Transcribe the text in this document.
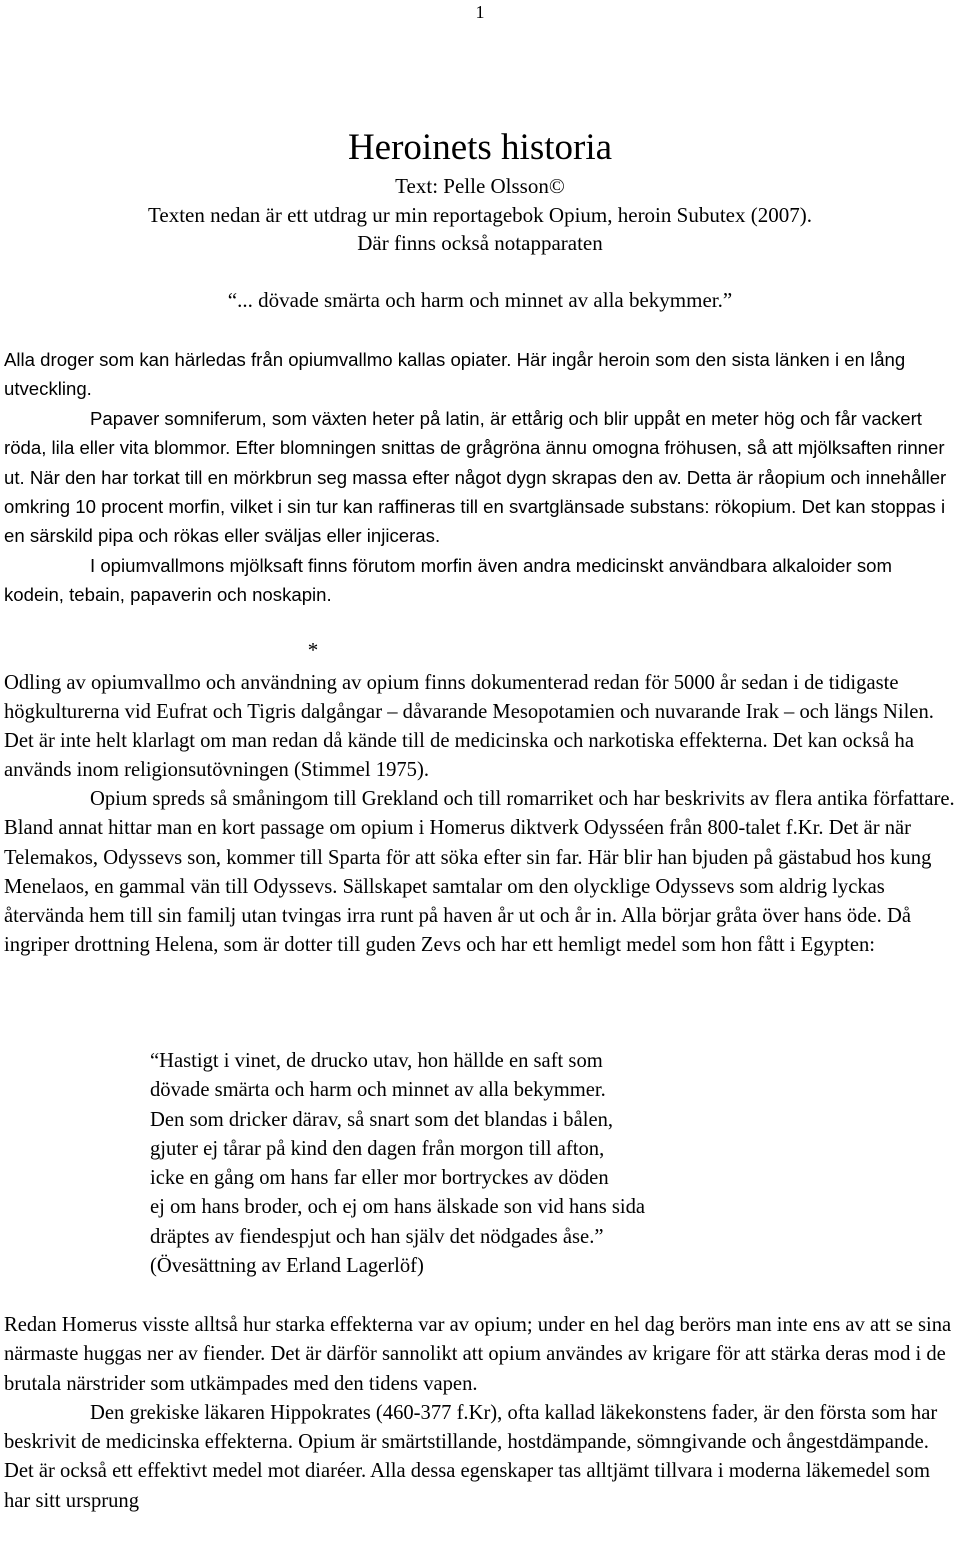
1
Heroinets historia
Text: Pelle Olsson©
Texten nedan är ett utdrag ur min reportagebok Opium, heroin Subutex (2007).
Där finns också notapparaten
“... dövade smärta och harm och minnet av alla bekymmer.”

Alla droger som kan härledas från opiumvallmo kallas opiater. Här ingår heroin som den sista länken i en lång utveckling.

Papaver somniferum, som växten heter på latin, är ettårig och blir uppåt en meter hög och får vackert röda, lila eller vita blommor. Efter blomningen snittas de grågröna ännu omogna fröhusen, så att mjölksaften rinner ut. När den har torkat till en mörkbrun seg massa efter något dygn skrapas den av. Detta är råopium och innehåller omkring 10 procent morfin, vilket i sin tur kan raffineras till en svartglänsade substans: rökopium. Det kan stoppas i en särskild pipa och rökas eller sväljas eller injiceras.

I opiumvallmons mjölksaft finns förutom morfin även andra medicinskt användbara alkaloider som kodein, tebain, papaverin och noskapin.

*

Odling av opiumvallmo och användning av opium finns dokumenterad redan för 5000 år sedan i de tidigaste högkulturerna vid Eufrat och Tigris dalgångar – dåvarande Mesopotamien och nuvarande Irak – och längs Nilen. Det är inte helt klarlagt om man redan då kände till de medicinska och narkotiska effekterna. Det kan också ha används inom religionsutövningen (Stimmel 1975).

Opium spreds så småningom till Grekland och till romarriket och har beskrivits av flera antika författare. Bland annat hittar man en kort passage om opium i Homerus diktverk Odysséen från 800-talet f.Kr. Det är när Telemakos, Odyssevs son, kommer till Sparta för att söka efter sin far. Här blir han bjuden på gästabud hos kung Menelaos, en gammal vän till Odyssevs. Sällskapet samtalar om den olycklige Odyssevs som aldrig lyckas återvända hem till sin familj utan tvingas irra runt på haven år ut och år in. Alla börjar gråta över hans öde. Då ingriper drottning Helena, som är dotter till guden Zevs och har ett hemligt medel som hon fått i Egypten:

“Hastigt i vinet, de drucko utav, hon hällde en saft som
dövade smärta och harm och minnet av alla bekymmer.
Den som dricker därav, så snart som det blandas i bålen,
gjuter ej tårar på kind den dagen från morgon till afton,
icke en gång om hans far eller mor bortryckes av döden
ej om hans broder, och ej om hans älskade son vid hans sida
dräptes av fiendespjut och han själv det nödgades åse.”
(Övesättning av Erland Lagerlöf)

Redan Homerus visste alltså hur starka effekterna var av opium; under en hel dag berörs man inte ens av att se sina närmaste huggas ner av fiender. Det är därför sannolikt att opium användes av krigare för att stärka deras mod i de brutala närstrider som utkämpades med den tidens vapen.

Den grekiske läkaren Hippokrates (460-377 f.Kr), ofta kallad läkekonstens fader, är den första som har beskrivit de medicinska effekterna. Opium är smärtstillande, hostdämpande, sömngivande och ångestdämpande. Det är också ett effektivt medel mot diaréer. Alla dessa egenskaper tas alltjämt tillvara i moderna läkemedel som har sitt ursprung
